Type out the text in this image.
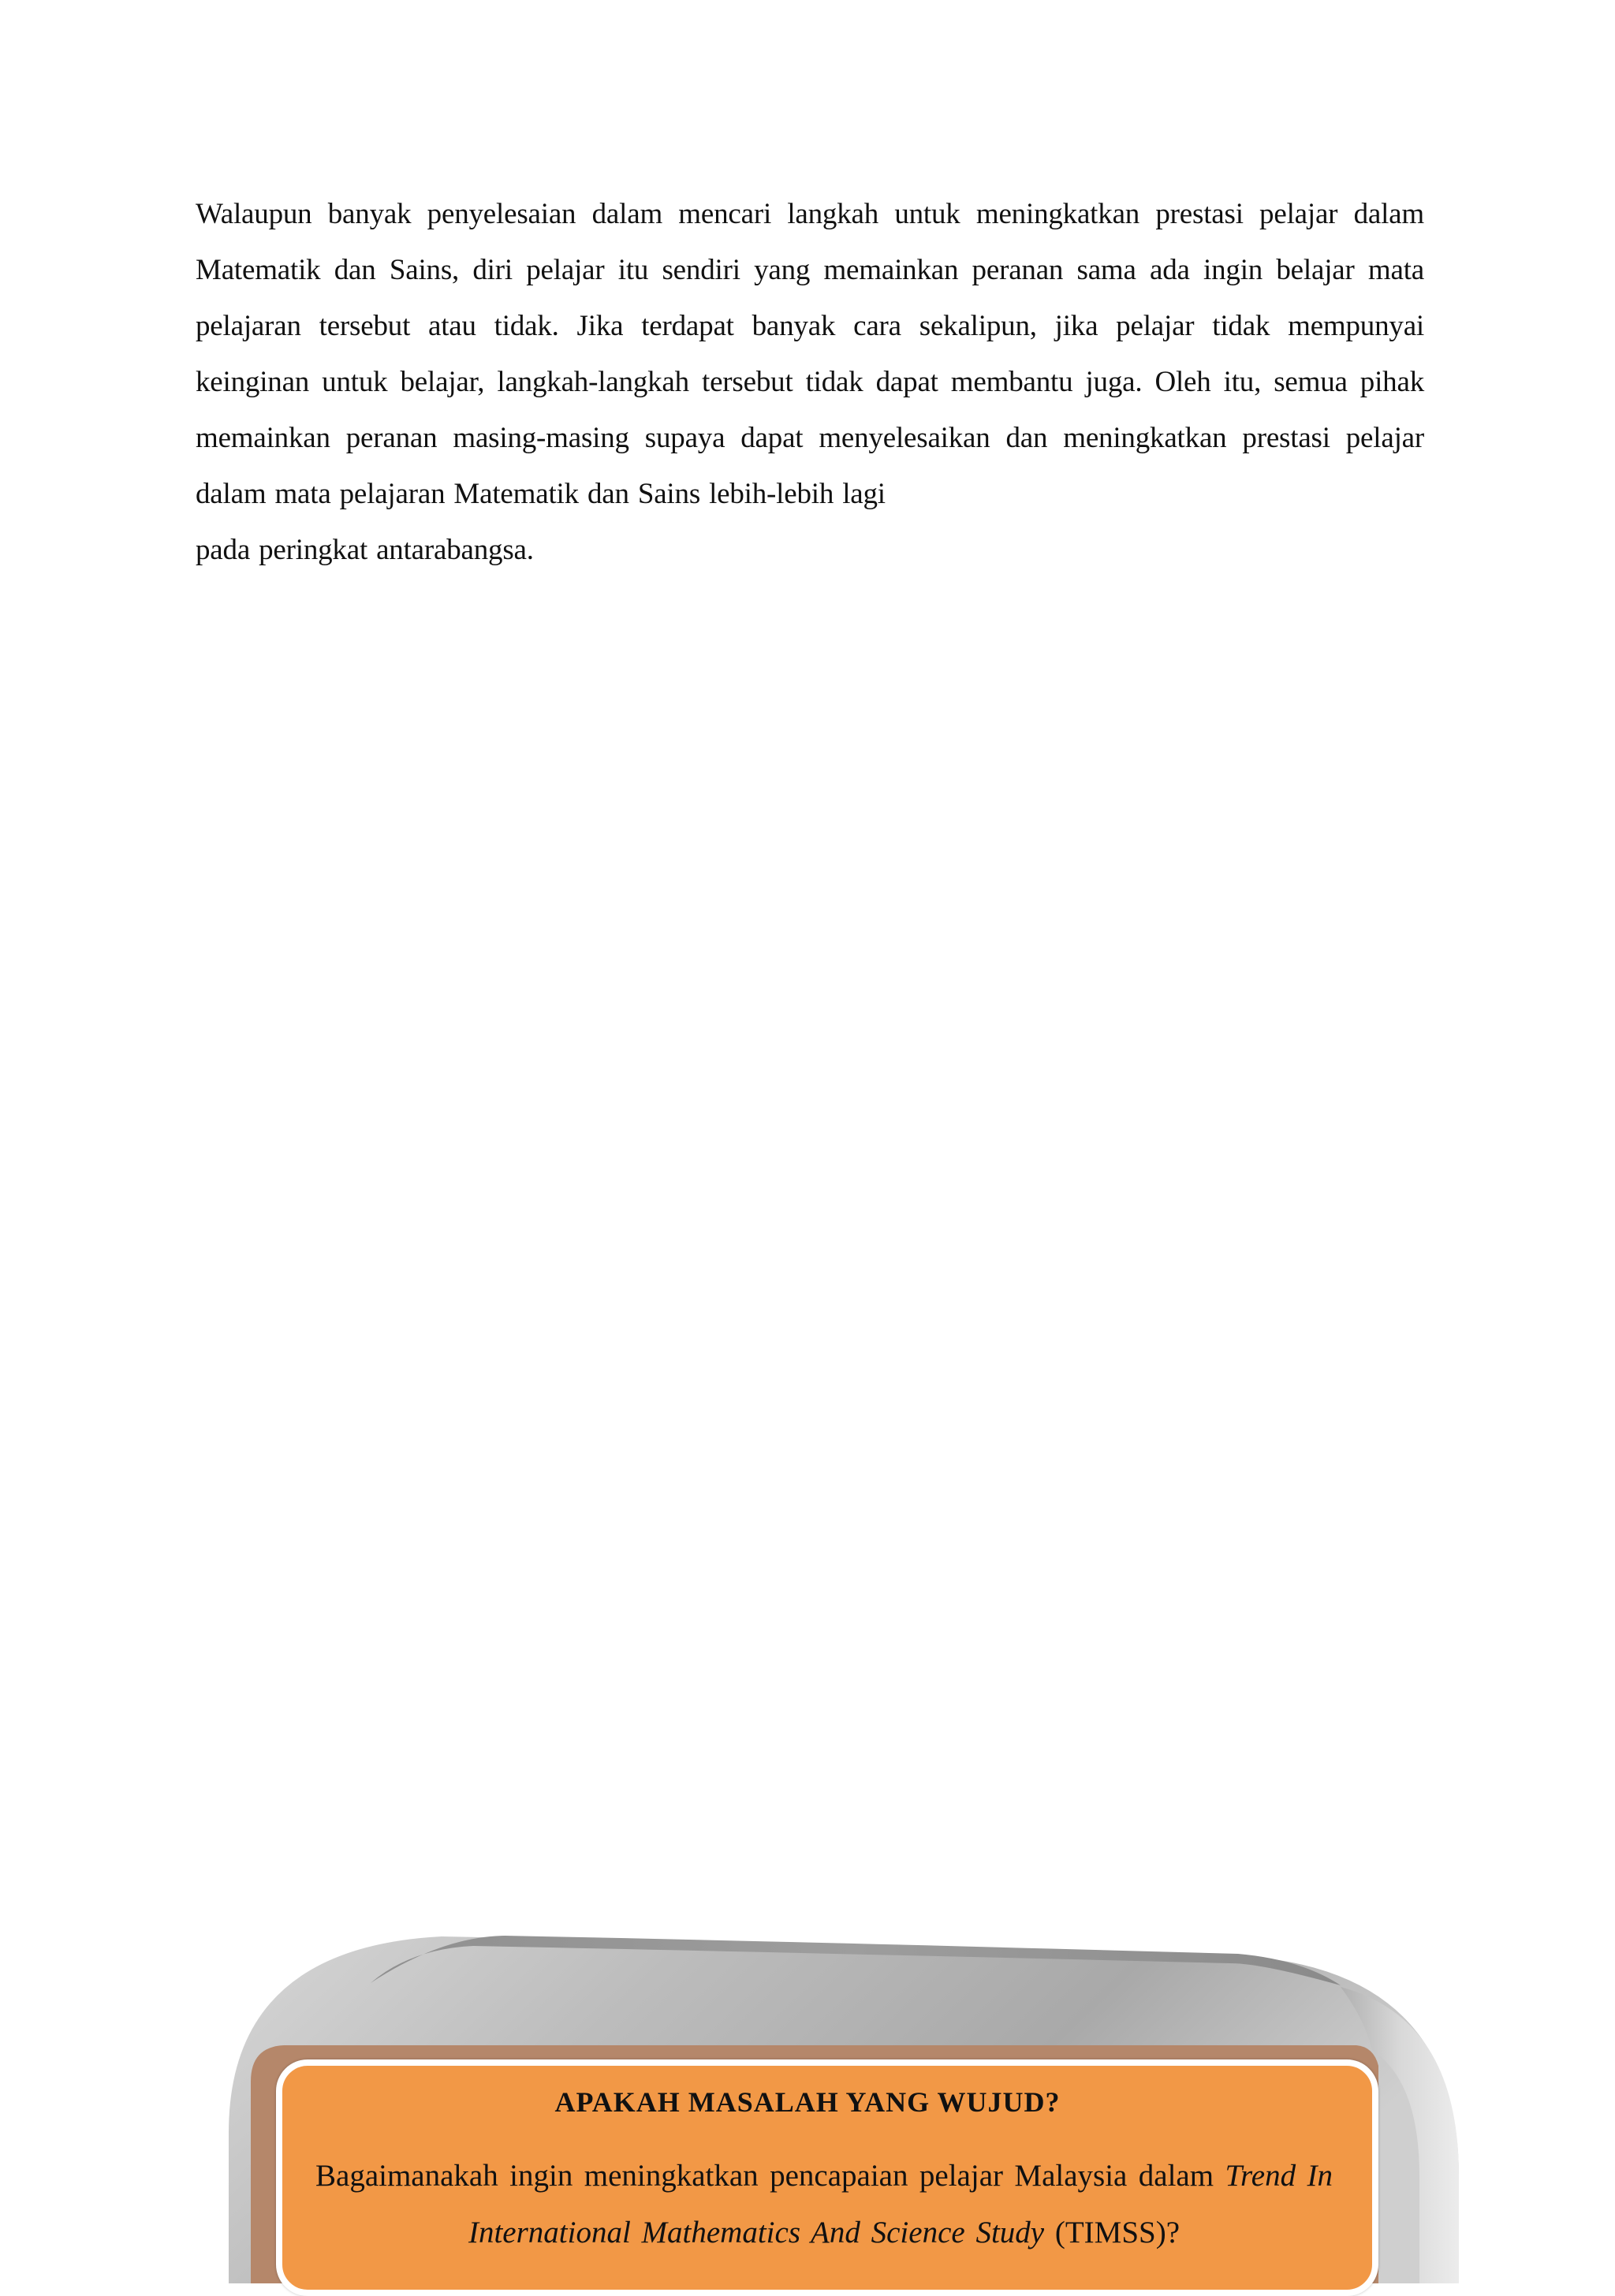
Walaupun banyak penyelesaian dalam mencari langkah untuk meningkatkan prestasi pelajar dalam Matematik dan Sains, diri pelajar itu sendiri yang memainkan peranan sama ada ingin belajar mata pelajaran tersebut atau tidak. Jika terdapat banyak cara sekalipun, jika pelajar tidak mempunyai keinginan untuk belajar, langkah-langkah tersebut tidak dapat membantu juga. Oleh itu, semua pihak memainkan peranan masing-masing supaya dapat menyelesaikan dan meningkatkan prestasi pelajar dalam mata pelajaran Matematik dan Sains lebih-lebih lagi
pada peringkat antarabangsa.

APAKAH MASALAH YANG WUJUD?

Bagaimanakah ingin meningkatkan pencapaian pelajar Malaysia dalam Trend In International Mathematics And Science Study (TIMSS)?
